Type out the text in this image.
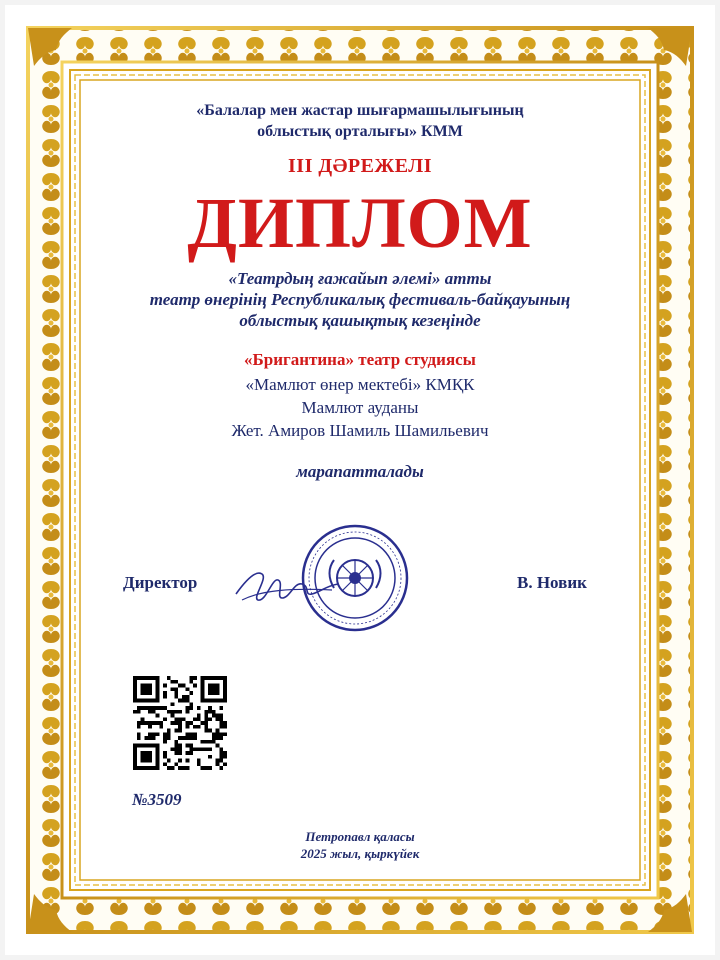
«Балалар мен жастар шығармашылығының
облыстық орталығы» КММ
ІІІ ДӘРЕЖЕЛІ
ДИПЛОМ
«Театрдың ғажайып әлемі» атты
театр өнерінің Республикалық фестиваль-байқауының
облыстық қашықтық кезеңінде
«Бригантина» театр студиясы
«Мамлют өнер мектебі» КМҚК
Мамлют ауданы
Жет. Амиров Шамиль Шамильевич
марапатталады
Директор	В. Новик
№3509
Петропавл қаласы
2025 жыл, қыркүйек
